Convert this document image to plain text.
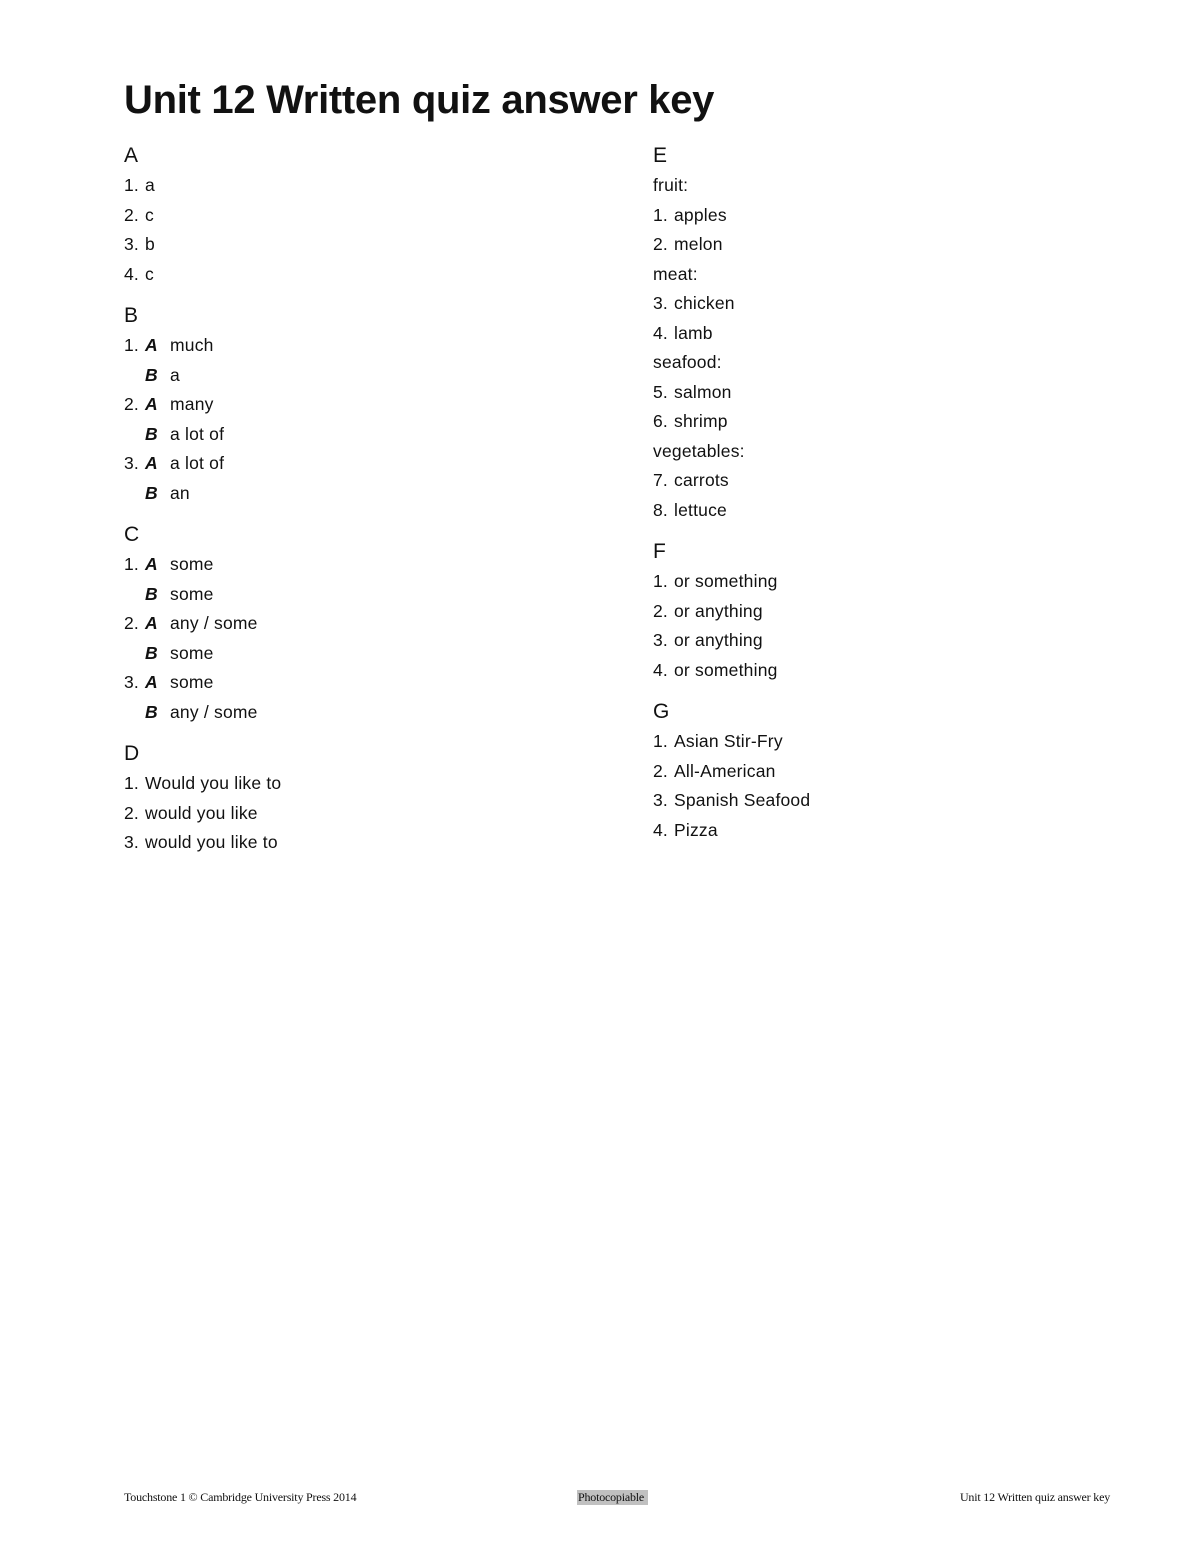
Unit 12 Written quiz answer key
A
1. a
2. c
3. b
4. c
B
1. A much
B a
2. A many
B a lot of
3. A a lot of
B an
C
1. A some
B some
2. A any / some
B some
3. A some
B any / some
D
1. Would you like to
2. would you like
3. would you like to
E
fruit:
1. apples
2. melon
meat:
3. chicken
4. lamb
seafood:
5. salmon
6. shrimp
vegetables:
7. carrots
8. lettuce
F
1. or something
2. or anything
3. or anything
4. or something
G
1. Asian Stir-Fry
2. All-American
3. Spanish Seafood
4. Pizza
Touchstone 1 © Cambridge University Press 2014	Photocopiable	Unit 12 Written quiz answer key
